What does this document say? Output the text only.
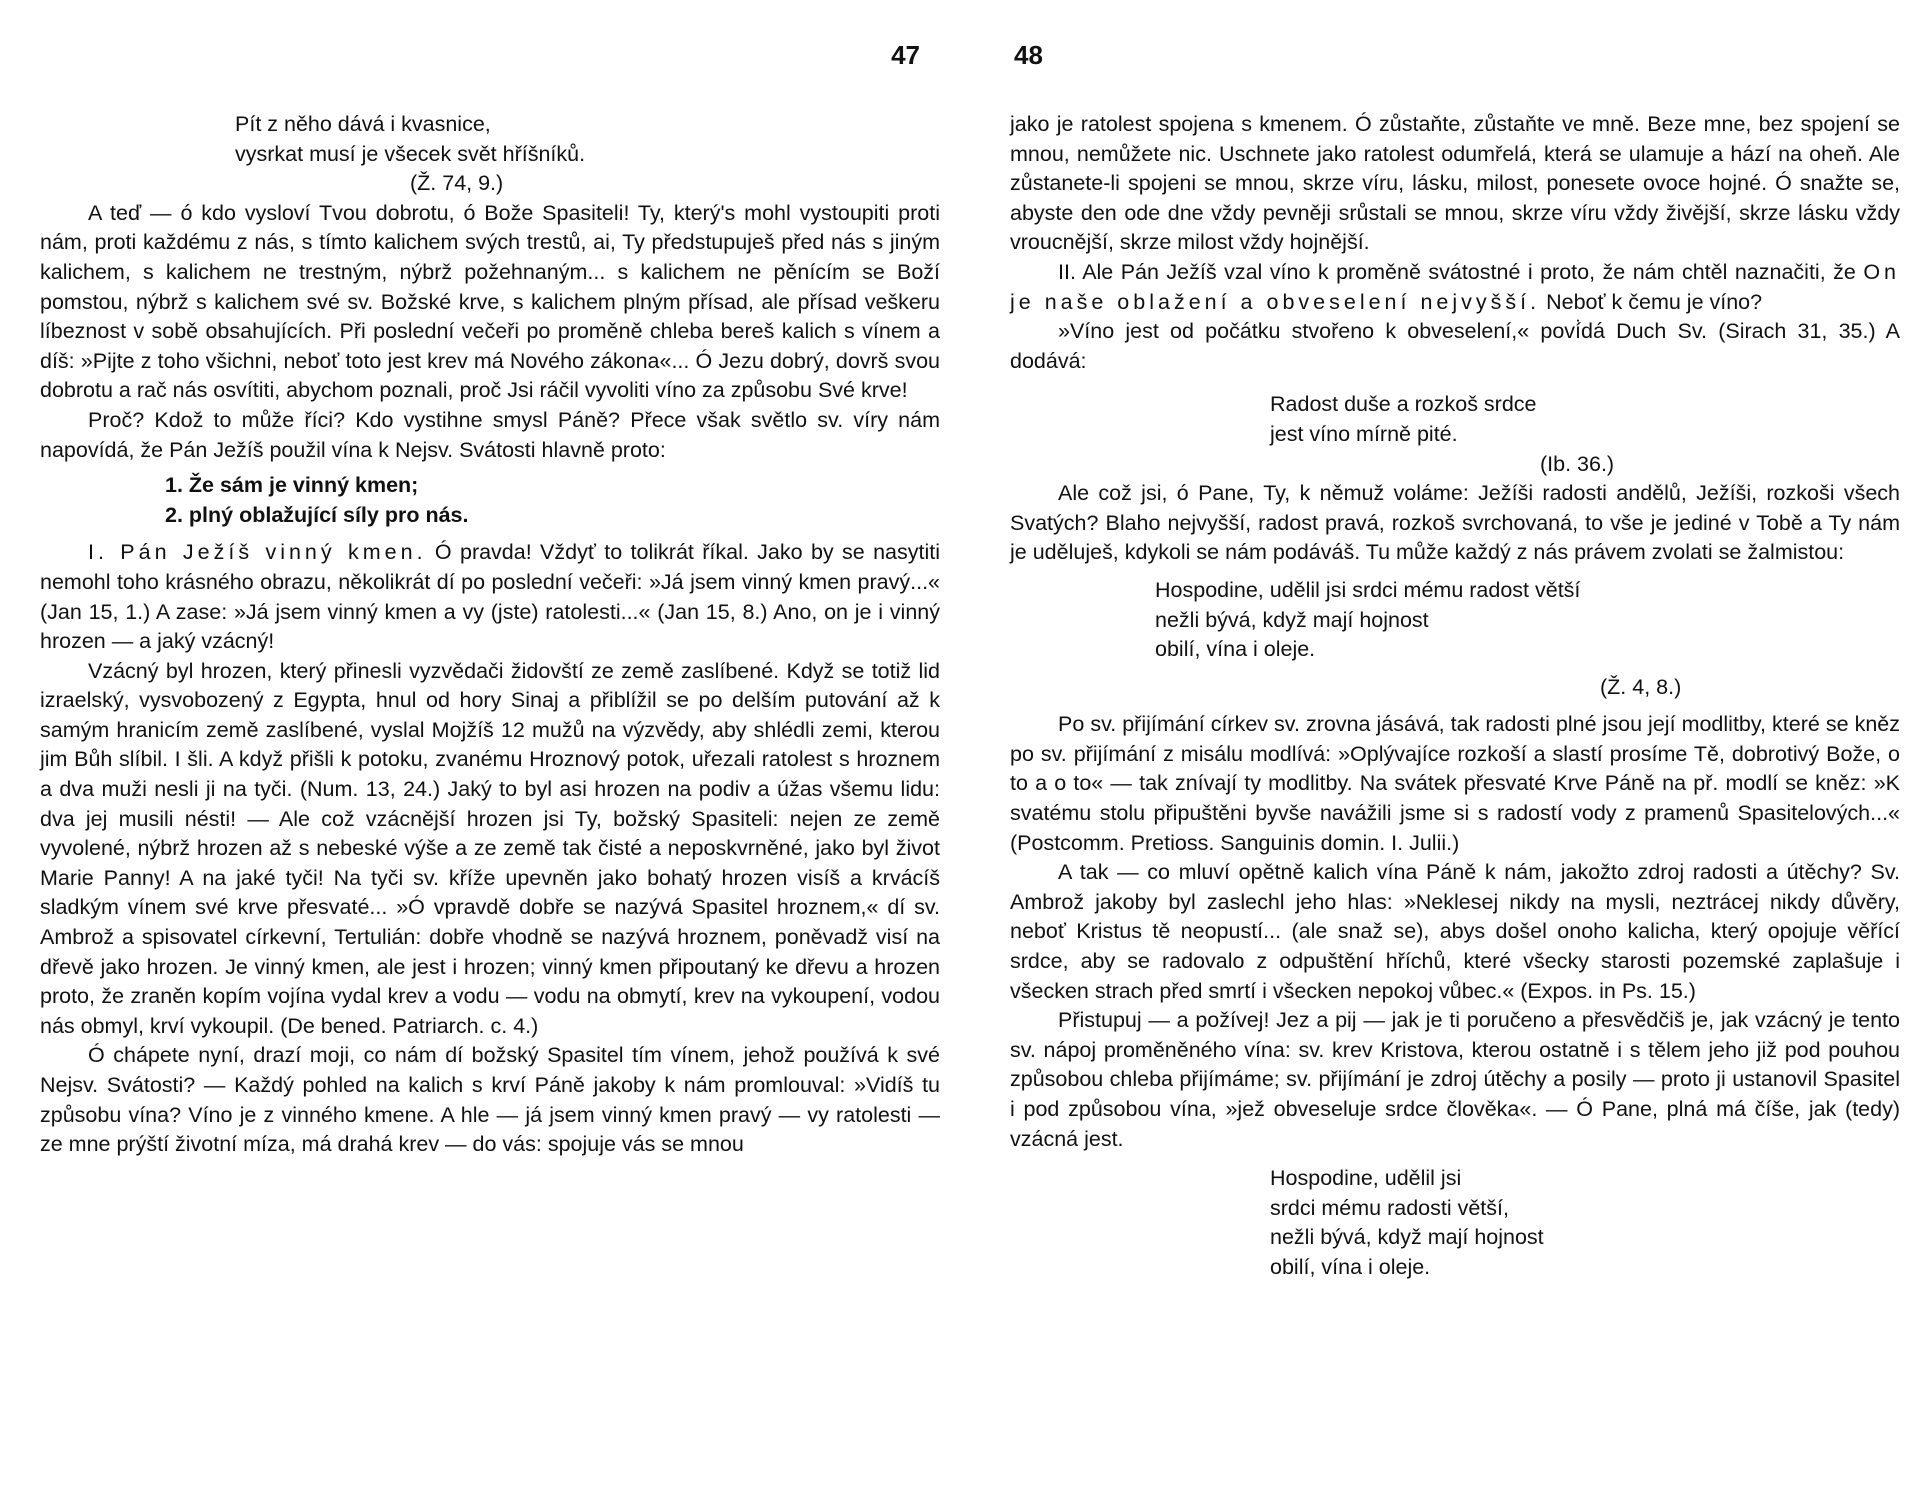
47
Pít z něho dává i kvasnice,
vysrkat musí je všecek svět hříšníků.
(Ž. 74, 9.)

A teď — ó kdo vysloví Tvou dobrotu, ó Bože Spasiteli! Ty, který's mohl vystoupiti proti nám, proti každému z nás, s tímto kalichem svých trestů, ai, Ty předstupuješ před nás s jiným kalichem, s kalichem ne trestným, nýbrž požehnaným... s kalichem ne pěnícím se Boží pomstou, nýbrž s kalichem své sv. Božské krve, s kalichem plným přísad, ale přísad veškeru líbeznost v sobě obsahujících. Při poslední večeři po proměně chleba bereš kalich s vínem a díš: »Pijte z toho všichni, neboť toto jest krev má Nového zákona«... Ó Jezu dobrý, dovrš svou dobrotu a rač nás osvítiti, abychom poznali, proč Jsi ráčil vyvoliti víno za způsobu Své krve!

Proč? Kdož to může říci? Kdo vystihne smysl Páně? Přece však světlo sv. víry nám napovídá, že Pán Ježíš použil vína k Nejsv. Svátosti hlavně proto:

1. Že sám je vinný kmen;
2. plný oblažující síly pro nás.

I. Pán Ježíš vinný kmen. Ó pravda! Vždyť to tolikrát říkal. Jako by se nasytiti nemohl toho krásného obrazu, několikrát dí po poslední večeři: »Já jsem vinný kmen pravý...« (Jan 15, 1.) A zase: »Já jsem vinný kmen a vy (jste) ratolesti...« (Jan 15, 8.) Ano, on je i vinný hrozen — a jaký vzácný!

Vzácný byl hrozen, který přinesli vyzvědači židovští ze země zaslíbené. Když se totiž lid izraelský, vysvobozený z Egypta, hnul od hory Sinaj a přiblížil se po delším putování až k samým hranicím země zaslíbené, vyslal Mojžíš 12 mužů na výzvědy, aby shlédli zemi, kterou jim Bůh slíbil. I šli. A když přišli k potoku, zvanému Hroznový potok, uřezali ratolest s hroznem a dva muži nesli ji na tyči. (Num. 13, 24.) Jaký to byl asi hrozen na podiv a úžas všemu lidu: dva jej musili nésti! — Ale což vzácnější hrozen jsi Ty, božský Spasiteli: nejen ze země vyvolené, nýbrž hrozen až s nebeské výše a ze země tak čisté a neposkvrněné, jako byl život Marie Panny! A na jaké tyči! Na tyči sv. kříže upevněn jako bohatý hrozen visíš a krvácíš sladkým vínem své krve přesvaté... »Ó vpravdě dobře se nazývá Spasitel hroznem,« dí sv. Ambrož a spisovatel církevní, Tertulián: dobře vhodně se nazývá hroznem, poněvadž visí na dřevě jako hrozen. Je vinný kmen, ale jest i hrozen; vinný kmen připoutaný ke dřevu a hrozen proto, že zraněn kopím vojína vydal krev a vodu — vodu na obmytí, krev na vykoupení, vodou nás obmyl, krví vykoupil. (De bened. Patriarch. c. 4.)

Ó chápete nyní, drazí moji, co nám dí božský Spasitel tím vínem, jehož používá k své Nejsv. Svátosti? — Každý pohled na kalich s krví Páně jakoby k nám promlouval: »Vidíš tu způsobu vína? Víno je z vinného kmene. A hle — já jsem vinný kmen pravý — vy ratolesti — ze mne prýští životní míza, má drahá krev — do vás: spojuje vás se mnou

48

jako je ratolest spojena s kmenem. Ó zůstaňte, zůstaňte ve mně. Beze mne, bez spojení se mnou, nemůžete nic. Uschnete jako ratolest odumřelá, která se ulamuje a hází na oheň. Ale zůstanete-li spojeni se mnou, skrze víru, lásku, milost, ponesete ovoce hojné. Ó snažte se, abyste den ode dne vždy pevněji srůstali se mnou, skrze víru vždy živější, skrze lásku vždy vroucnější, skrze milost vždy hojnější.

II. Ale Pán Ježíš vzal víno k proměně svátostné i proto, že nám chtěl naznačiti, že On je naše oblažení a obveselení nejvyšší. Neboť k čemu je víno?

»Víno jest od počátku stvořeno k obveselení,« poví̇dá Duch Sv. (Sirach 31, 35.) A dodává:

Radost duše a rozkoš srdce
jest víno mírně pité.
(Ib. 36.)

Ale což jsi, ó Pane, Ty, k němuž voláme: Ježíši radosti andělů, Ježíši, rozkoši všech Svatých? Blaho nejvyšší, radost pravá, rozkoš svrchovaná, to vše je jediné v Tobě a Ty nám je uděluješ, kdykoli se nám podáváš. Tu může každý z nás právem zvolati se žalmistou:

Hospodine, udělil jsi srdci mému radost větší
nežli bývá, když mají hojnost
obilí, vína i oleje.
(Ž. 4, 8.)

Po sv. přijímání církev sv. zrovna jásává, tak radosti plné jsou její modlitby, které se kněz po sv. přijímání z misálu modlívá: »Oplývajíce rozkoší a slastí prosíme Tě, dobrotivý Bože, o to a o to« — tak znívají ty modlitby. Na svátek přesvaté Krve Páně na př. modlí se kněz: »K svatému stolu připuštěni byvše navážili jsme si s radostí vody z pramenů Spasitelových...« (Postcomm. Pretioss. Sanguinis domin. I. Julii.)

A tak — co mluví opětně kalich vína Páně k nám, jakožto zdroj radosti a útěchy? Sv. Ambrož jakoby byl zaslechl jeho hlas: »Neklesej nikdy na mysli, neztrácej nikdy důvěry, neboť Kristus tě neopustí... (ale snaž se), abys došel onoho kalicha, který opojuje věřící srdce, aby se radovalo z odpuštění hříchů, které všecky starosti pozemské zaplašuje i všecken strach před smrtí i všecken nepokoj vůbec.« (Expos. in Ps. 15.)

Přistupuj — a požívej! Jez a pij — jak je ti poručeno a přesvědčiš je, jak vzácný je tento sv. nápoj proměněného vína: sv. krev Kristova, kterou ostatně i s tělem jeho již pod pouhou způsobou chleba přijímáme; sv. přijímání je zdroj útěchy a posily — proto ji ustanovil Spasitel i pod způsobou vína, »jež obveseluje srdce člověka«. — Ó Pane, plná má číše, jak (tedy) vzácná jest.

Hospodine, udělil jsi
srdci mému radosti větší,
nežli bývá, když mají hojnost
obilí, vína i oleje.
